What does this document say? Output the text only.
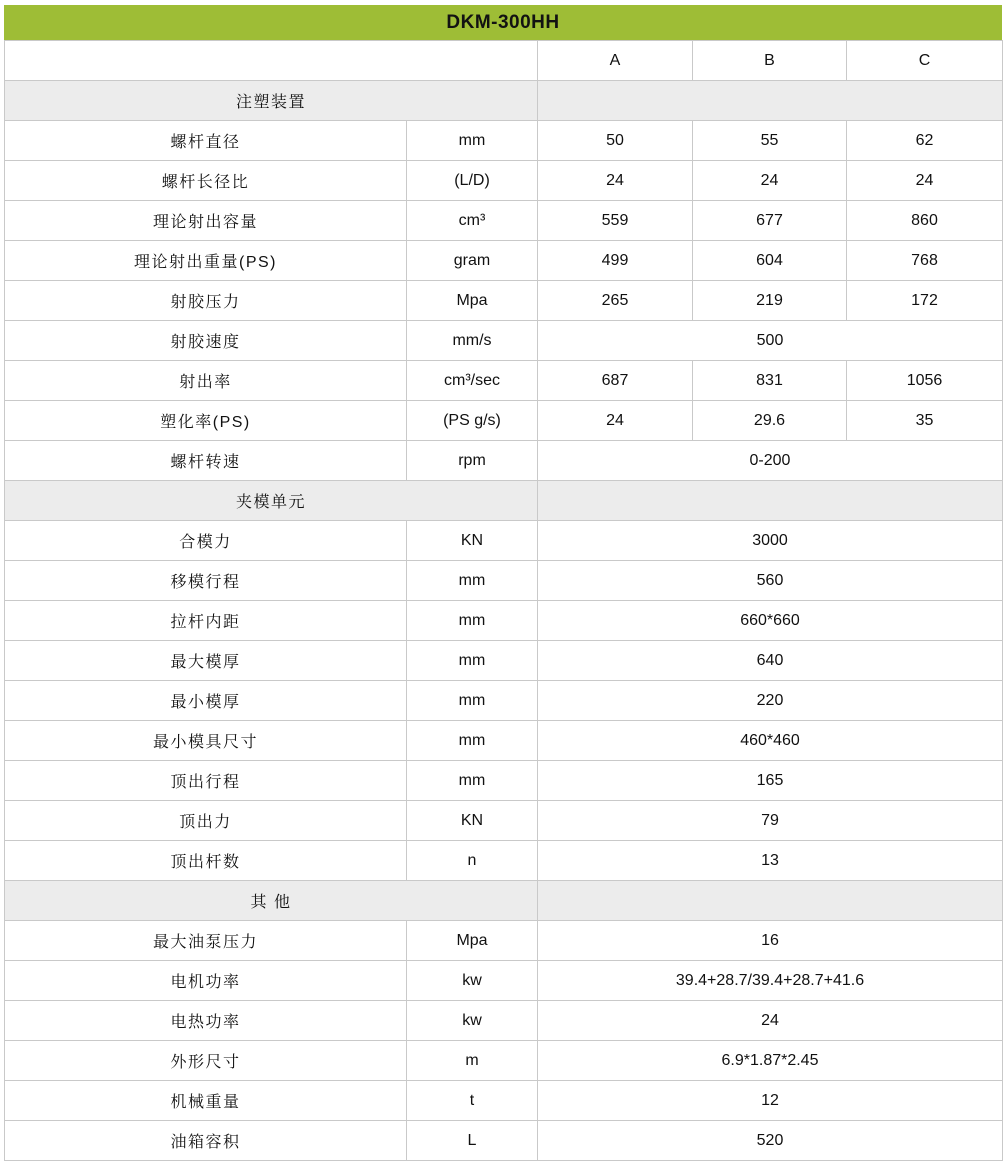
DKM-300HH
		A	B	C
注塑装置				
螺杆直径	mm	50	55	62
螺杆长径比	(L/D)	24	24	24
理论射出容量	cm³	559	677	860
理论射出重量(PS)	gram	499	604	768
射胶压力	Mpa	265	219	172
射胶速度	mm/s	500		
射出率	cm³/sec	687	831	1056
塑化率(PS)	(PS g/s)	24	29.6	35
螺杆转速	rpm	0-200		
夹模单元				
合模力	KN	3000		
移模行程	mm	560		
拉杆内距	mm	660*660		
最大模厚	mm	640		
最小模厚	mm	220		
最小模具尺寸	mm	460*460		
顶出行程	mm	165		
顶出力	KN	79		
顶出杆数	n	13		
其 他				
最大油泵压力	Mpa	16		
电机功率	kw	39.4+28.7/39.4+28.7+41.6		
电热功率	kw	24		
外形尺寸	m	6.9*1.87*2.45		
机械重量	t	12		
油箱容积	L	520		
